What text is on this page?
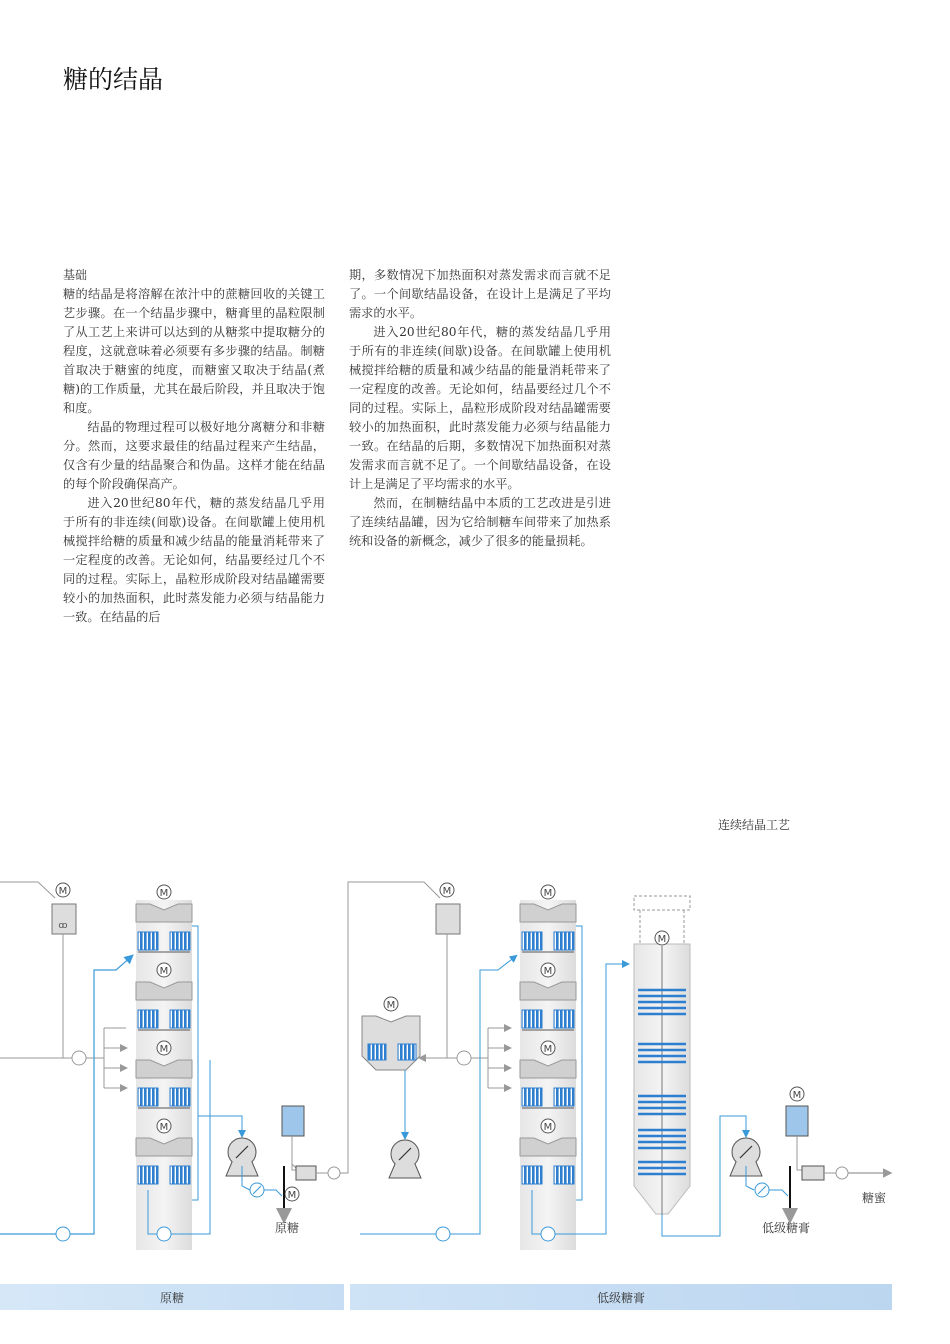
糖的结晶

基础

糖的结晶是将溶解在浓汁中的蔗糖回收的关键工艺步骤。在一个结晶步骤中，糖膏里的晶粒限制了从工艺上来讲可以达到的从糖浆中提取糖分的程度，这就意味着必须要有多步骤的结晶。制糖首取决于糖蜜的纯度，而糖蜜又取决于结晶(煮糖)的工作质量，尤其在最后阶段，并且取决于饱和度。

结晶的物理过程可以极好地分离糖分和非糖分。然而，这要求最佳的结晶过程来产生结晶，仅含有少量的结晶聚合和伪晶。这样才能在结晶的每个阶段确保高产。

进入20世纪80年代，糖的蒸发结晶几乎用于所有的非连续(间歇)设备。在间歇罐上使用机械搅拌给糖的质量和减少结晶的能量消耗带来了一定程度的改善。无论如何，结晶要经过几个不同的过程。实际上，晶粒形成阶段对结晶罐需要较小的加热面积，此时蒸发能力必须与结晶能力一致。在结晶的后

期，多数情况下加热面积对蒸发需求而言就不足了。一个间歇结晶设备，在设计上是满足了平均需求的水平。

进入20世纪80年代，糖的蒸发结晶几乎用于所有的非连续(间歇)设备。在间歇罐上使用机械搅拌给糖的质量和减少结晶的能量消耗带来了一定程度的改善。无论如何，结晶要经过几个不同的过程。实际上，晶粒形成阶段对结晶罐需要较小的加热面积，此时蒸发能力必须与结晶能力一致。在结晶的后期，多数情况下加热面积对蒸发需求而言就不足了。一个间歇结晶设备，在设计上是满足了平均需求的水平。

然而，在制糖结晶中本质的工艺改进是引进了连续结晶罐，因为它给制糖车间带来了加热系统和设备的新概念，减少了很多的能量损耗。

连续结晶工艺
M
ꝏ
M
M
M
M
M
原糖
M
M
M
M
M
M
M
M
糖蜜
低级糖膏
原糖	低级糖膏
